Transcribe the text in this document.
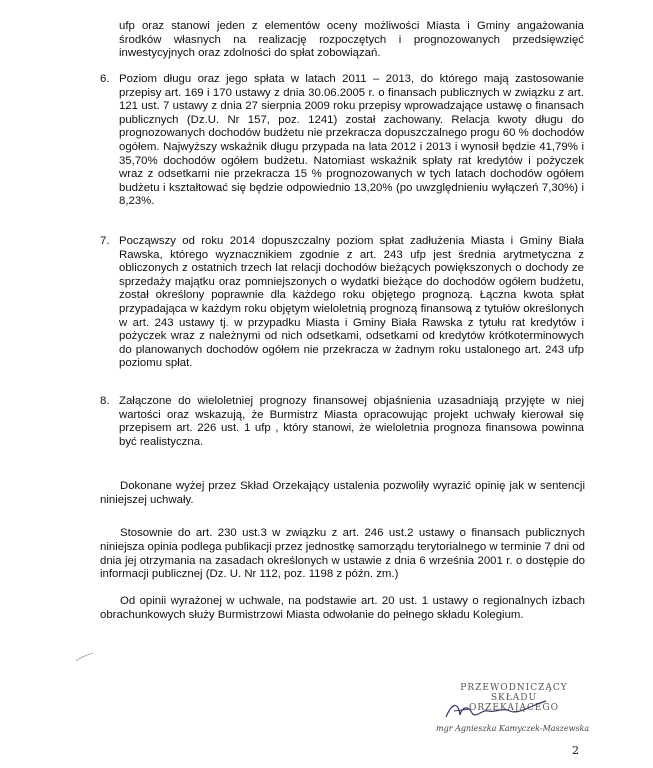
ufp oraz stanowi jeden z elementów oceny możliwości Miasta i Gminy angażowania środków własnych na realizację rozpoczętych i prognozowanych przedsięwzięć inwestycyjnych oraz zdolności do spłat zobowiązań.

6. Poziom długu oraz jego spłata w latach 2011 – 2013, do którego mają zastosowanie przepisy art. 169 i 170 ustawy z dnia 30.06.2005 r. o finansach publicznych w związku z art. 121 ust. 7 ustawy z dnia 27 sierpnia 2009 roku przepisy wprowadzające ustawę o finansach publicznych (Dz.U. Nr 157, poz. 1241) został zachowany. Relacja kwoty długu do prognozowanych dochodów budżetu nie przekracza dopuszczalnego progu 60 % dochodów ogółem. Najwyższy wskaźnik długu przypada na lata 2012 i 2013 i wynosił będzie 41,79% i 35,70% dochodów ogółem budżetu. Natomiast wskaźnik spłaty rat kredytów i pożyczek wraz z odsetkami nie przekracza 15 % prognozowanych w tych latach dochodów ogółem budżetu i kształtować się będzie odpowiednio 13,20% (po uwzględnieniu wyłączeń 7,30%) i 8,23%.
7. Począwszy od roku 2014 dopuszczalny poziom spłat zadłużenia Miasta i Gminy Biała Rawska, którego wyznacznikiem zgodnie z art. 243 ufp jest średnia arytmetyczna z obliczonych z ostatnich trzech lat relacji dochodów bieżących powiększonych o dochody ze sprzedaży majątku oraz pomniejszonych o wydatki bieżące do dochodów ogółem budżetu, został określony poprawnie dla każdego roku objętego prognozą. Łączna kwota spłat przypadająca w każdym roku objętym wieloletnią prognozą finansową z tytułów określonych w art. 243 ustawy tj. w przypadku Miasta i Gminy Biała Rawska z tytułu rat kredytów i pożyczek wraz z należnymi od nich odsetkami, odsetkami od kredytów krótkoterminowych do planowanych dochodów ogółem nie przekracza w żadnym roku ustalonego art. 243 ufp poziomu spłat.
8. Załączone do wieloletniej prognozy finansowej objaśnienia uzasadniają przyjęte w niej wartości oraz wskazują, że Burmistrz Miasta opracowując projekt uchwały kierował się przepisem art. 226 ust. 1 ufp , który stanowi, że wieloletnia prognoza finansowa powinna być realistyczna.

Dokonane wyżej przez Skład Orzekający ustalenia pozwoliły wyrazić opinię jak w sentencji niniejszej uchwały.

Stosownie do art. 230 ust.3 w związku z art. 246 ust.2 ustawy o finansach publicznych niniejsza opinia podlega publikacji przez jednostkę samorządu terytorialnego w terminie 7 dni od dnia jej otrzymania na zasadach określonych w ustawie z dnia 6 września 2001 r. o dostępie do informacji publicznej (Dz. U. Nr 112, poz. 1198 z późn. zm.)

Od opinii wyrażonej w uchwale, na podstawie art. 20 ust. 1 ustawy o regionalnych izbach obrachunkowych służy Burmistrzowi Miasta odwołanie do pełnego składu Kolegium.

PRZEWODNICZĄCY
SKŁADU ORZEKAJĄCEGO
mgr Agnieszka Kamyczek-Maszewska
2
